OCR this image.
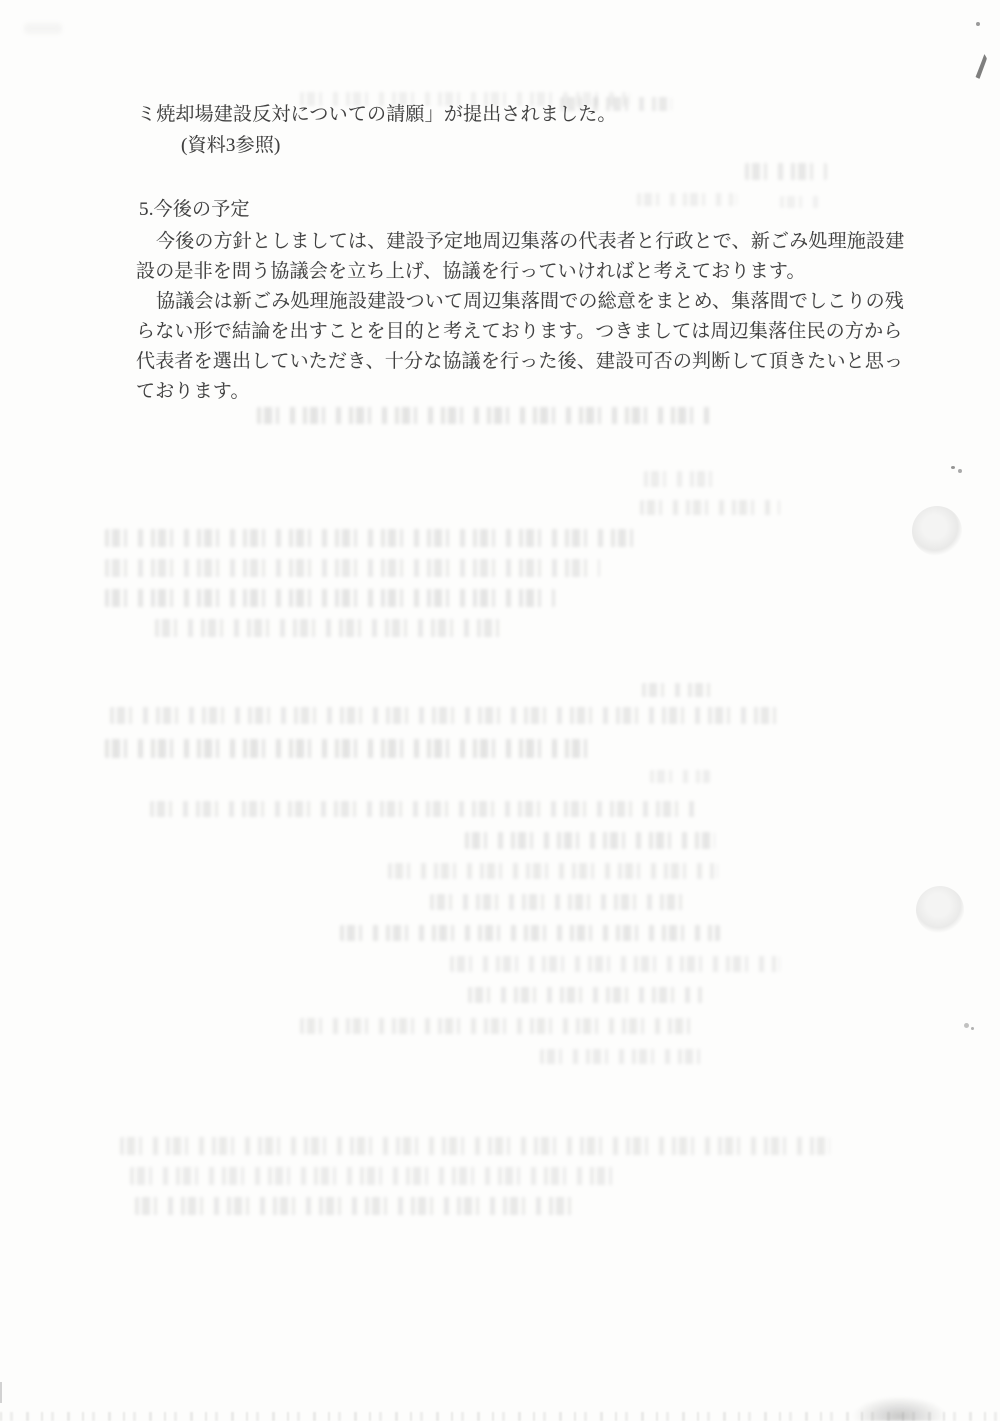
ミ焼却場建設反対についての請願」が提出されました。
(資料3参照)
5.今後の予定
今後の方針としましては、建設予定地周辺集落の代表者と行政とで、新ごみ処理施設建
設の是非を問う協議会を立ち上げ、協議を行っていければと考えております。
協議会は新ごみ処理施設建設ついて周辺集落間での総意をまとめ、集落間でしこりの残
らない形で結論を出すことを目的と考えております。つきましては周辺集落住民の方から
代表者を選出していただき、十分な協議を行った後、建設可否の判断して頂きたいと思っ
ております。
